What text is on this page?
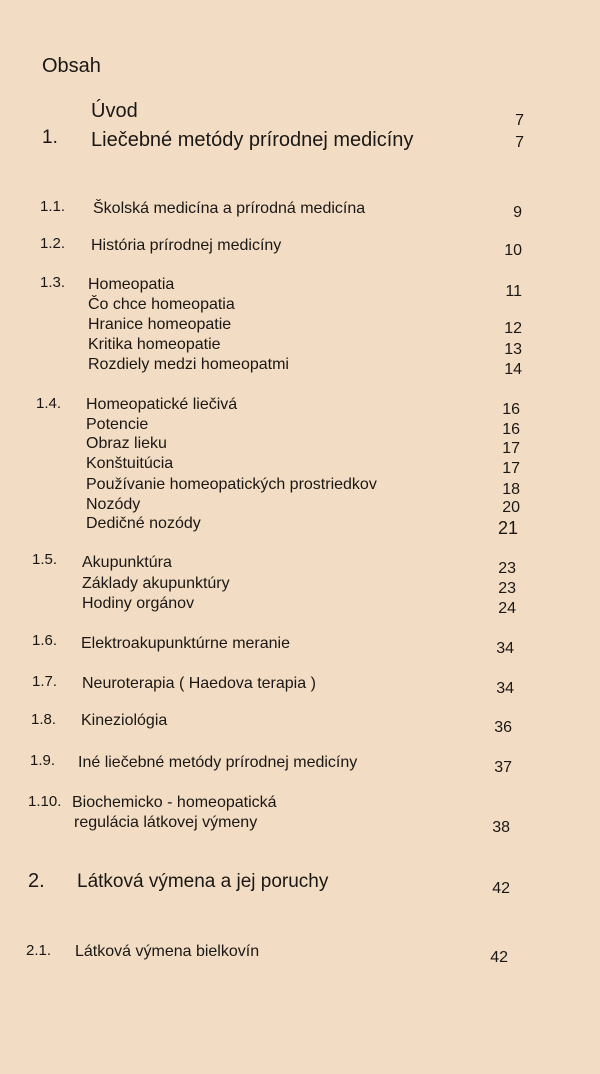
Obsah
Úvod	7
1. Liečebné metódy prírodnej medicíny	7
1.1. Školská medicína a prírodná medicína	9
1.2. História prírodnej medicíny	10
1.3. Homeopatia	11
Čo chce homeopatia
Hranice homeopatie	12
Kritika homeopatie	13
Rozdiely medzi homeopatmi	14
1.4. Homeopatické liečivá	16
Potencie	16
Obraz lieku	17
Konštuitúcia	17
Používanie homeopatických prostriedkov	18
Nozódy	20
Dedičné nozódy	21
1.5. Akupunktúra	23
Základy akupunktúry	23
Hodiny orgánov	24
1.6. Elektroakupunktúrne meranie	34
1.7. Neuroterapia ( Haedova terapia )	34
1.8. Kineziológia	36
1.9. Iné liečebné metódy prírodnej medicíny	37
1.10. Biochemicko - homeopatická
regulácia látkovej výmeny	38
2. Látková výmena a jej poruchy	42
2.1. Látková výmena bielkovín	42
